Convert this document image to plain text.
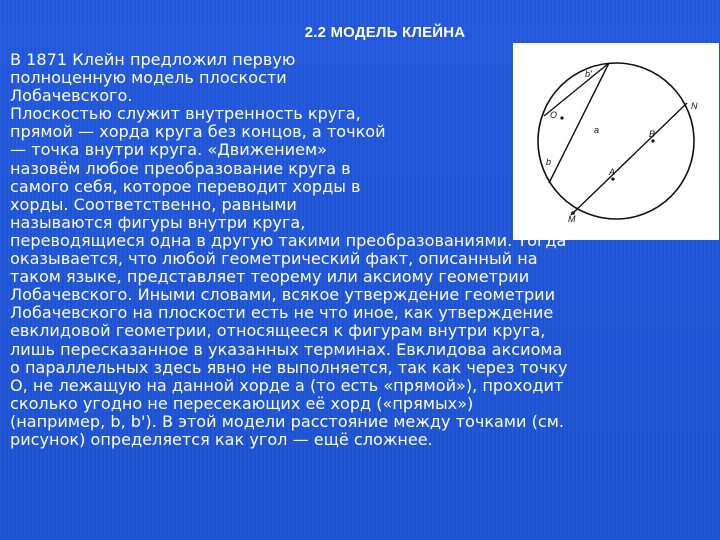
2.2 МОДЕЛЬ КЛЕЙНА
b'
N
O
a	B
b
A
M

В 1871 Клейн предложил первую
полноценную модель плоскости
Лобачевского.
Плоскостью служит внутренность круга,
прямой — хорда круга без концов, а точкой
— точка внутри круга. «Движением»
назовём любое преобразование круга в
самого себя, которое переводит хорды в
хорды. Соответственно, равными
называются фигуры внутри круга,
переводящиеся одна в другую такими преобразованиями. Тогда
оказывается, что любой геометрический факт, описанный на
таком языке, представляет теорему или аксиому геометрии
Лобачевского. Иными словами, всякое утверждение геометрии
Лобачевского на плоскости есть не что иное, как утверждение
евклидовой геометрии, относящееся к фигурам внутри круга,
лишь пересказанное в указанных терминах. Евклидова аксиома
о параллельных здесь явно не выполняется, так как через точку
О, не лежащую на данной хорде а (то есть «прямой»), проходит
сколько угодно не пересекающих её хорд («прямых»)
(например, b, b'). В этой модели расстояние между точками (см.
рисунок) определяется как угол — ещё сложнее.
